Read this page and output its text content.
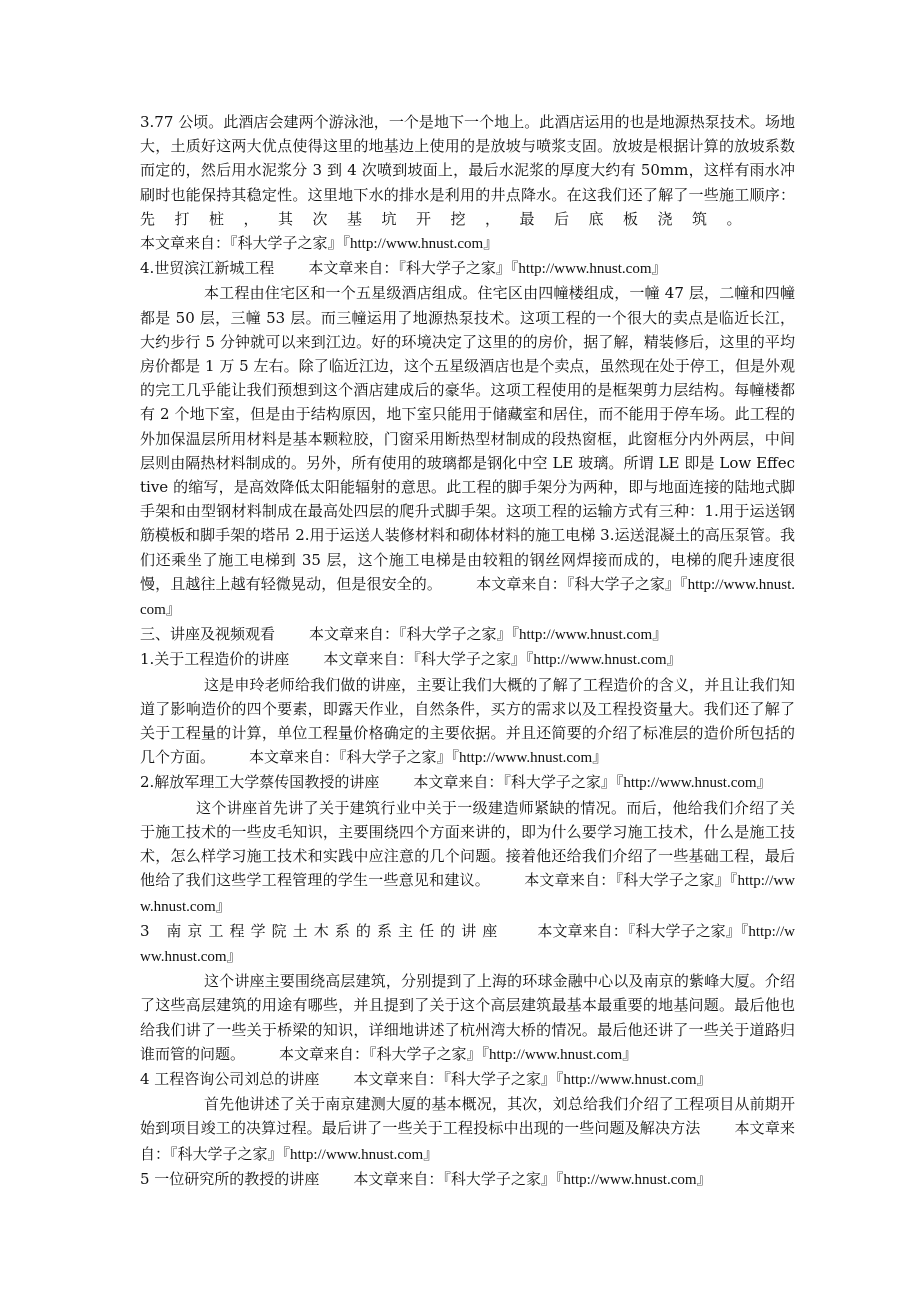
3.77 公顷。此酒店会建两个游泳池，一个是地下一个地上。此酒店运用的也是地源热泵技术。场地大，土质好这两大优点使得这里的地基边上使用的是放坡与喷浆支固。放坡是根据计算的放坡系数而定的，然后用水泥浆分 3 到 4 次喷到坡面上，最后水泥浆的厚度大约有 50mm，这样有雨水冲刷时也能保持其稳定性。这里地下水的排水是利用的井点降水。在这我们还了解了一些施工顺序：先打桩，其次基坑开挖，最后底板浇筑。本文章来自：『科大学子之家』『http://www.hnust.com』

4.世贸滨江新城工程 本文章来自：『科大学子之家』『http://www.hnust.com』

本工程由住宅区和一个五星级酒店组成。住宅区由四幢楼组成，一幢 47 层，二幢和四幢都是 50 层，三幢 53 层。而三幢运用了地源热泵技术。这项工程的一个很大的卖点是临近长江，大约步行 5 分钟就可以来到江边。好的环境决定了这里的的房价，据了解，精装修后，这里的平均房价都是 1 万 5 左右。除了临近江边，这个五星级酒店也是个卖点，虽然现在处于停工，但是外观的完工几乎能让我们预想到这个酒店建成后的豪华。这项工程使用的是框架剪力层结构。每幢楼都有 2 个地下室，但是由于结构原因，地下室只能用于储藏室和居住，而不能用于停车场。此工程的外加保温层所用材料是基本颗粒胶，门窗采用断热型材制成的段热窗框，此窗框分内外两层，中间层则由隔热材料制成的。另外，所有使用的玻璃都是钢化中空 LE 玻璃。所谓 LE 即是 Low Effective 的缩写，是高效降低太阳能辐射的意思。此工程的脚手架分为两种，即与地面连接的陆地式脚手架和由型钢材料制成在最高处四层的爬升式脚手架。这项工程的运输方式有三种：1.用于运送钢筋模板和脚手架的塔吊 2.用于运送人装修材料和砌体材料的施工电梯 3.运送混凝土的高压泵管。我们还乘坐了施工电梯到 35 层，这个施工电梯是由较粗的钢丝网焊接而成的，电梯的爬升速度很慢，且越往上越有轻微晃动，但是很安全的。 本文章来自：『科大学子之家』『http://www.hnust.com』

三、讲座及视频观看 本文章来自：『科大学子之家』『http://www.hnust.com』

1.关于工程造价的讲座 本文章来自：『科大学子之家』『http://www.hnust.com』

这是申玲老师给我们做的讲座，主要让我们大概的了解了工程造价的含义，并且让我们知道了影响造价的四个要素，即露天作业，自然条件，买方的需求以及工程投资量大。我们还了解了关于工程量的计算，单位工程量价格确定的主要依据。并且还简要的介绍了标准层的造价所包括的几个方面。 本文章来自：『科大学子之家』『http://www.hnust.com』

2.解放军理工大学蔡传国教授的讲座 本文章来自：『科大学子之家』『http://www.hnust.com』

这个讲座首先讲了关于建筑行业中关于一级建造师紧缺的情况。而后，他给我们介绍了关于施工技术的一些皮毛知识，主要围绕四个方面来讲的，即为什么要学习施工技术，什么是施工技术，怎么样学习施工技术和实践中应注意的几个问题。接着他还给我们介绍了一些基础工程，最后他给了我们这些学工程管理的学生一些意见和建议。 本文章来自：『科大学子之家』『http://www.hnust.com』

3 南京工程学院土木系的系主任的讲座 本文章来自：『科大学子之家』『http://www.hnust.com』

这个讲座主要围绕高层建筑，分别提到了上海的环球金融中心以及南京的紫峰大厦。介绍了这些高层建筑的用途有哪些，并且提到了关于这个高层建筑最基本最重要的地基问题。最后他也给我们讲了一些关于桥梁的知识，详细地讲述了杭州湾大桥的情况。最后他还讲了一些关于道路归谁而管的问题。 本文章来自：『科大学子之家』『http://www.hnust.com』

4 工程咨询公司刘总的讲座 本文章来自：『科大学子之家』『http://www.hnust.com』

首先他讲述了关于南京建测大厦的基本概况，其次，刘总给我们介绍了工程项目从前期开始到项目竣工的决算过程。最后讲了一些关于工程投标中出现的一些问题及解决方法 本文章来自：『科大学子之家』『http://www.hnust.com』

5 一位研究所的教授的讲座 本文章来自：『科大学子之家』『http://www.hnust.com』
